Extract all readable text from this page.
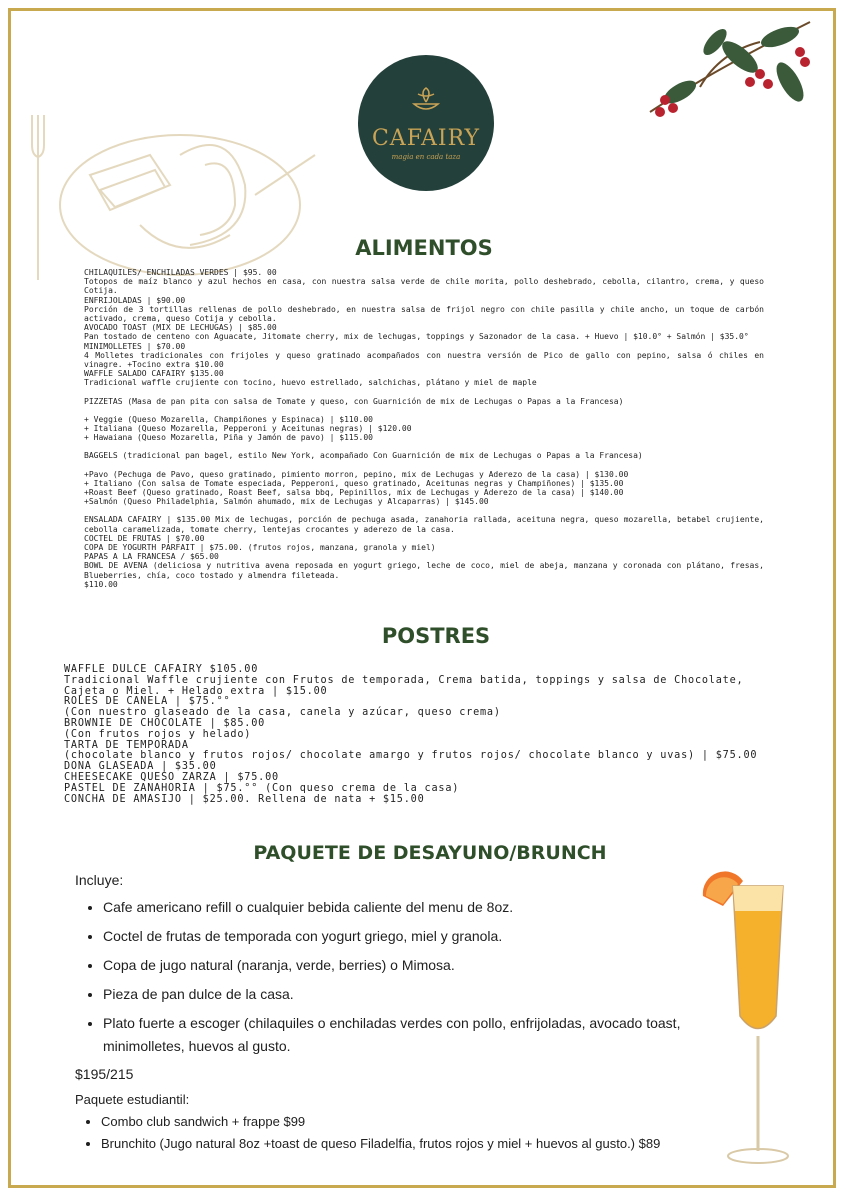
CAFAIRY
magia en cada taza
ALIMENTOS

CHILAQUILES/ ENCHILADAS VERDES | $95. 00

Totopos de maíz blanco y azul hechos en casa, con nuestra salsa verde de chile morita, pollo deshebrado, cebolla, cilantro, crema, y queso Cotija.

ENFRIJOLADAS | $90.00

Porción de 3 tortillas rellenas de pollo deshebrado, en nuestra salsa de frijol negro con chile pasilla y chile ancho, un toque de carbón activado, crema, queso Cotija y cebolla.

AVOCADO TOAST (MIX DE LECHUGAS) | $85.00

Pan tostado de centeno con Aguacate, Jitomate cherry, mix de lechugas, toppings y Sazonador de la casa. + Huevo | $10.0° + Salmón | $35.0°

MINIMOLLETES | $70.00

4 Molletes tradicionales con frijoles y queso gratinado acompañados con nuestra versión de Pico de gallo con pepino, salsa ó chiles en vinagre. +Tocino extra $10.00

WAFFLE SALADO CAFAIRY $135.00

Tradicional waffle crujiente con tocino, huevo estrellado, salchichas, plátano y miel de maple

PIZZETAS (Masa de pan pita con salsa de Tomate y queso, con Guarnición de mix de Lechugas o Papas a la Francesa)

+ Veggie (Queso Mozarella, Champiñones y Espinaca) | $110.00

+ Italiana (Queso Mozarella, Pepperoni y Aceitunas negras) | $120.00

+ Hawaiana (Queso Mozarella, Piña y Jamón de pavo) | $115.00

BAGGELS (tradicional pan bagel, estilo New York, acompañado Con Guarnición de mix de Lechugas o Papas a la Francesa)

+Pavo (Pechuga de Pavo, queso gratinado, pimiento morron, pepino, mix de Lechugas y Aderezo de la casa) | $130.00

+ Italiano (Con salsa de Tomate especiada, Pepperoni, queso gratinado, Aceitunas negras y Champiñones) | $135.00

+Roast Beef (Queso gratinado, Roast Beef, salsa bbq, Pepinillos, mix de Lechugas y Aderezo de la casa) | $140.00

+Salmón (Queso Philadelphia, Salmón ahumado, mix de Lechugas y Alcaparras) | $145.00

ENSALADA CAFAIRY | $135.00 Mix de lechugas, porción de pechuga asada, zanahoria rallada, aceituna negra, queso mozarella, betabel crujiente, cebolla caramelizada, tomate cherry, lentejas crocantes y aderezo de la casa.

COCTEL DE FRUTAS | $70.00

COPA DE YOGURTH PARFAIT | $75.00. (frutos rojos, manzana, granola y miel)

PAPAS A LA FRANCESA / $65.00

BOWL DE AVENA (deliciosa y nutritiva avena reposada en yogurt griego, leche de coco, miel de abeja, manzana y coronada con plátano, fresas, Blueberries, chía, coco tostado y almendra fileteada.

$110.00

POSTRES

WAFFLE DULCE CAFAIRY $105.00

Tradicional Waffle crujiente con Frutos de temporada, Crema batida, toppings y salsa de Chocolate, Cajeta o Miel. + Helado extra | $15.00

ROLES DE CANELA | $75.°°

(Con nuestro glaseado de la casa, canela y azúcar, queso crema)

BROWNIE DE CHOCOLATE | $85.00

(Con frutos rojos y helado)

TARTA DE TEMPORADA

(chocolate blanco y frutos rojos/ chocolate amargo y frutos rojos/ chocolate blanco y uvas) | $75.00

DONA GLASEADA | $35.00

CHEESECAKE QUESO ZARZA | $75.00

PASTEL DE ZANAHORIA | $75.°° (Con queso crema de la casa)

CONCHA DE AMASIJO | $25.00. Rellena de nata + $15.00

PAQUETE DE DESAYUNO/BRUNCH

Incluye:

• Cafe americano refill o cualquier bebida caliente del menu de 8oz.
• Coctel de frutas de temporada con yogurt griego, miel y granola.
• Copa de jugo natural (naranja, verde, berries) o Mimosa.
• Pieza de pan dulce de la casa.
• Plato fuerte a escoger (chilaquiles o enchiladas verdes con pollo, enfrijoladas, avocado toast, minimolletes, huevos al gusto.

$195/215

Paquete estudiantil:

• Combo club sandwich + frappe $99
• Brunchito (Jugo natural 8oz +toast de queso Filadelfia, frutos rojos y miel + huevos al gusto.) $89
